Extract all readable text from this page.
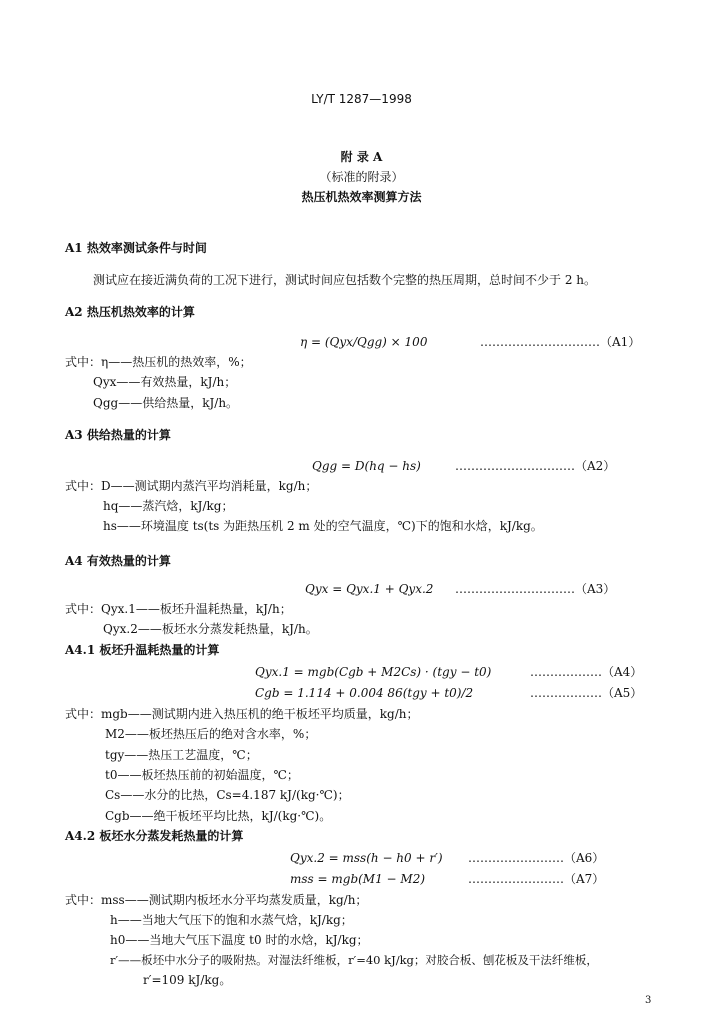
LY/T 1287—1998
附 录 A
（标准的附录）
热压机热效率测算方法
A1 热效率测试条件与时间
测试应在接近满负荷的工况下进行，测试时间应包括数个完整的热压周期，总时间不少于 2 h。
A2 热压机热效率的计算
η = (Qyx/Qgg) × 100	…………………………（A1）
式中：η——热压机的热效率，%；
Qyx——有效热量，kJ/h；
Qgg——供给热量，kJ/h。
A3 供给热量的计算
Qgg = D(hq − hs)	…………………………（A2）
式中：D——测试期内蒸汽平均消耗量，kg/h；
hq——蒸汽焓，kJ/kg；
hs——环境温度 ts(ts 为距热压机 2 m 处的空气温度，℃)下的饱和水焓，kJ/kg。
A4 有效热量的计算
Qyx = Qyx.1 + Qyx.2 …………………………（A3）
式中：Qyx.1——板坯升温耗热量，kJ/h；
Qyx.2——板坯水分蒸发耗热量，kJ/h。
A4.1 板坯升温耗热量的计算
Qyx.1 = mgb(Cgb + M2Cs) · (tgy − t0)	………………（A4）
Cgb = 1.114 + 0.004 86(tgy + t0)/2	………………（A5）
式中：mgb——测试期内进入热压机的绝干板坯平均质量，kg/h；
M2——板坯热压后的绝对含水率，%；
tgy——热压工艺温度，℃；
t0——板坯热压前的初始温度，℃；
Cs——水分的比热，Cs=4.187 kJ/(kg·℃)；
Cgb——绝干板坯平均比热，kJ/(kg·℃)。
A4.2 板坯水分蒸发耗热量的计算
Qyx.2 = mss(h − h0 + r′) ……………………（A6）
mss = mgb(M1 − M2)	……………………（A7）
式中：mss——测试期内板坯水分平均蒸发质量，kg/h；
h——当地大气压下的饱和水蒸气焓，kJ/kg；
h0——当地大气压下温度 t0 时的水焓，kJ/kg；
r′——板坯中水分子的吸附热。对湿法纤维板，r′=40 kJ/kg；对胶合板、刨花板及干法纤维板，
r′=109 kJ/kg。
3
